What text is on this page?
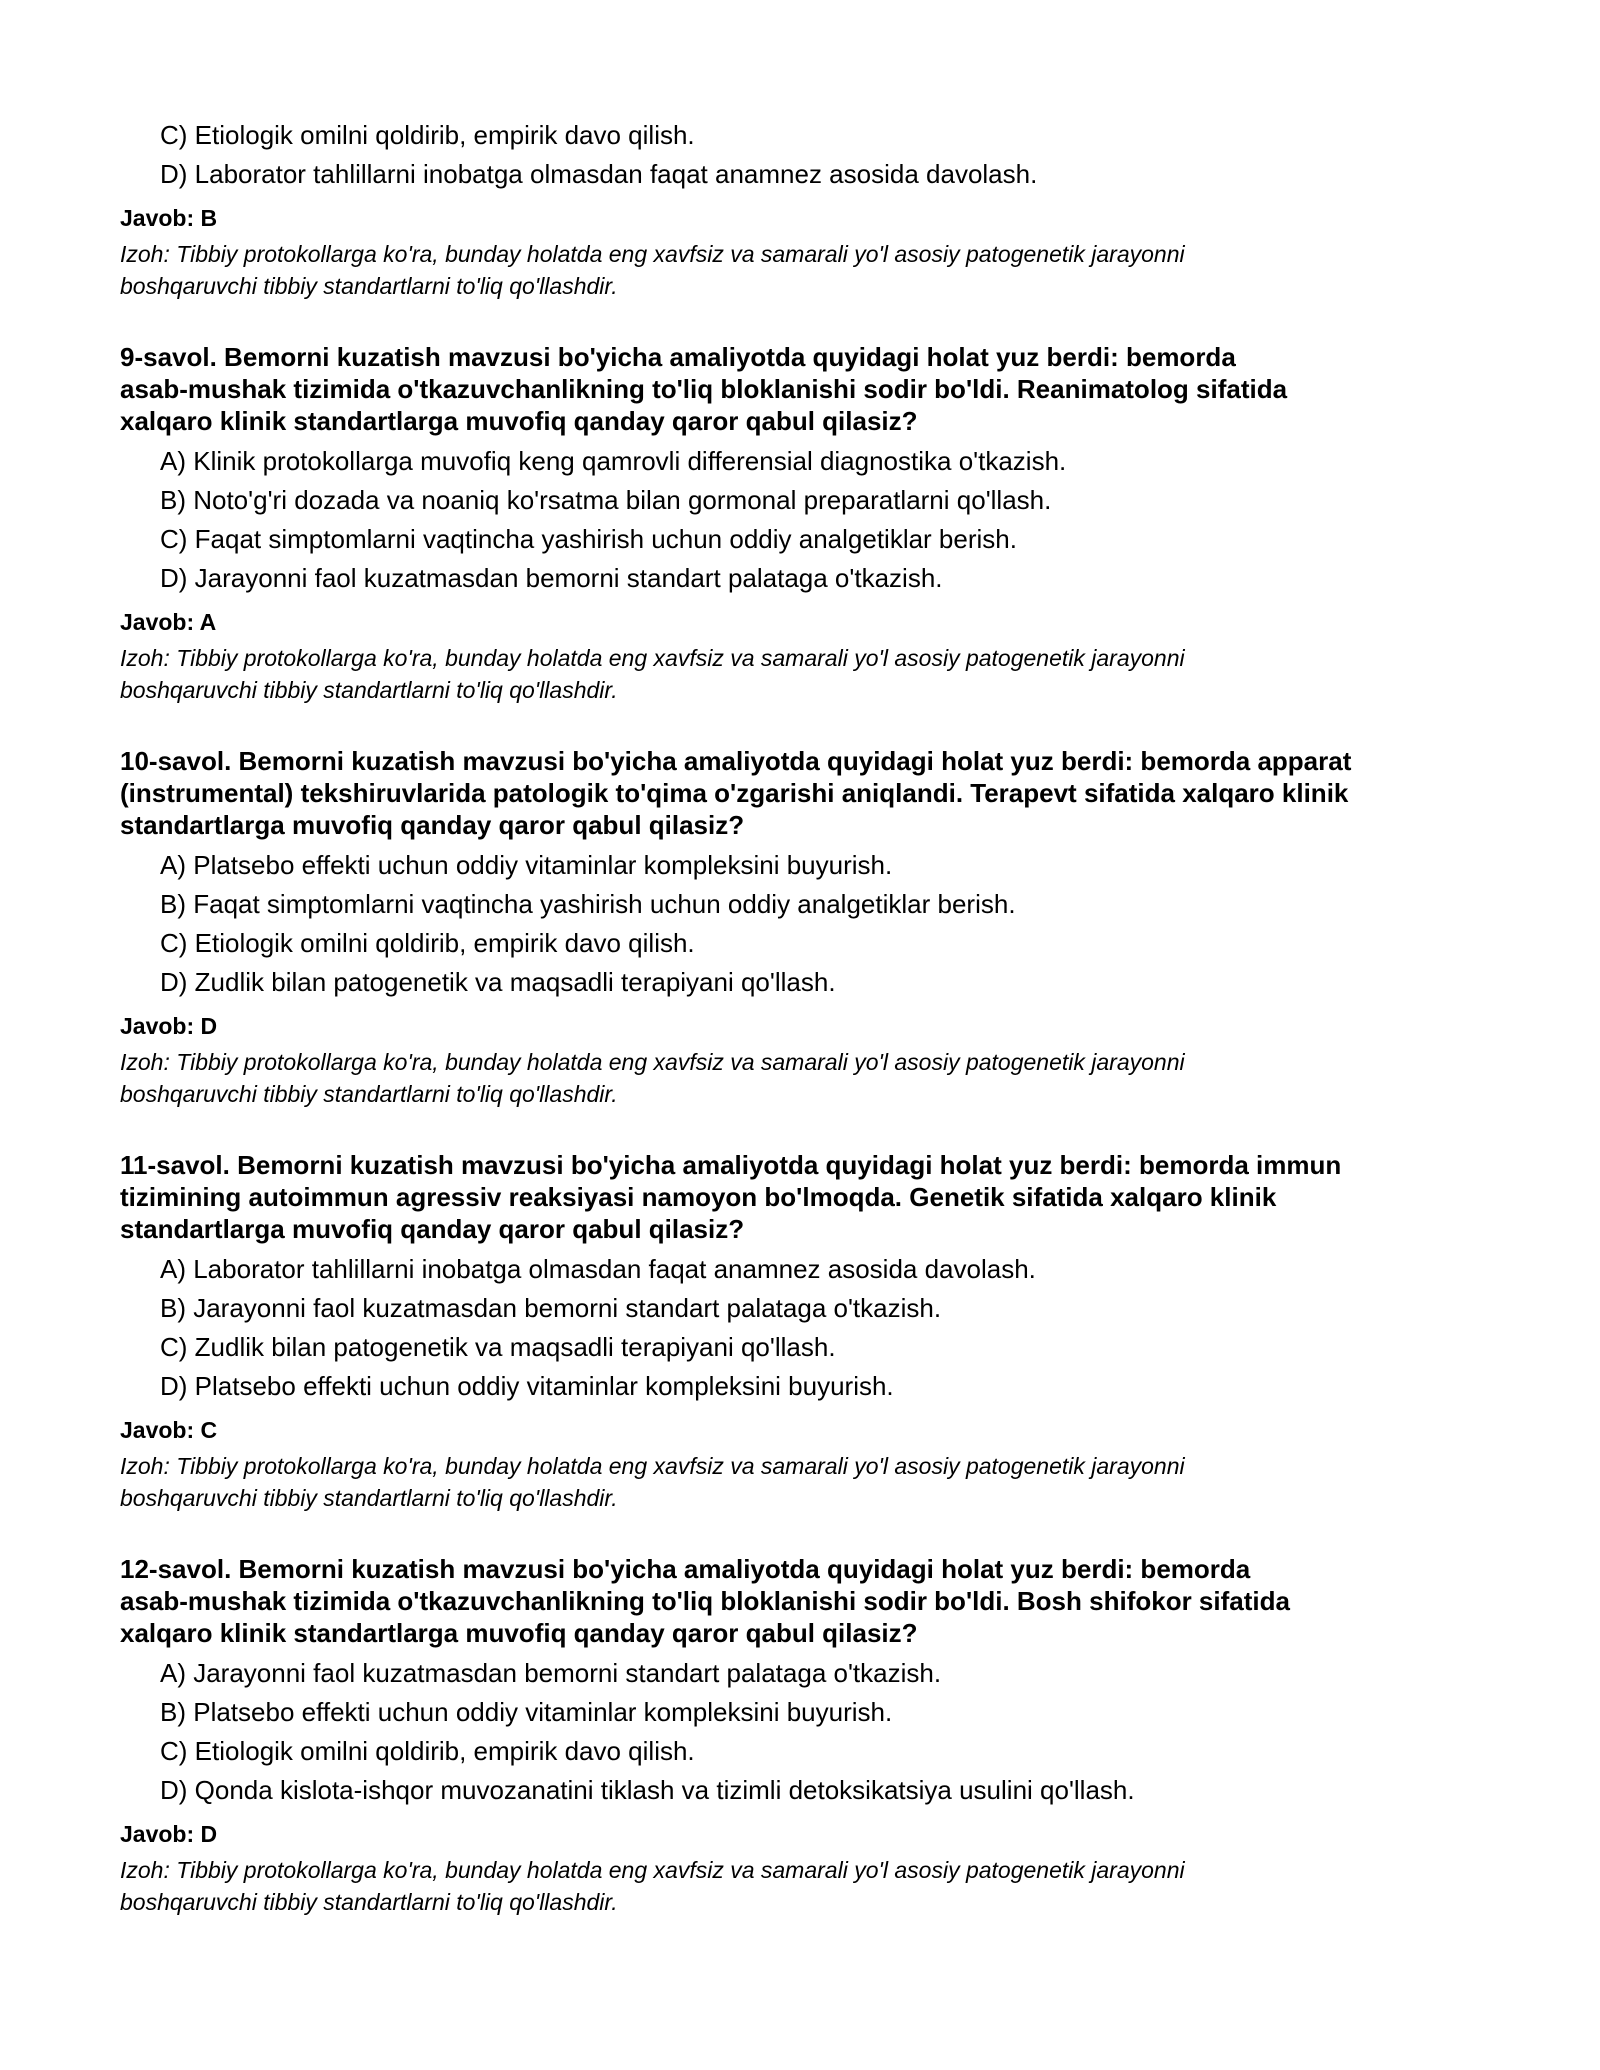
C) Etiologik omilni qoldirib, empirik davo qilish.
D) Laborator tahlillarni inobatga olmasdan faqat anamnez asosida davolash.
Javob: B

Izoh: Tibbiy protokollarga ko'ra, bunday holatda eng xavfsiz va samarali yo'l asosiy patogenetik jarayonni
boshqaruvchi tibbiy standartlarni to'liq qo'llashdir.

9-savol. Bemorni kuzatish mavzusi bo'yicha amaliyotda quyidagi holat yuz berdi: bemorda
asab-mushak tizimida o'tkazuvchanlikning to'liq bloklanishi sodir bo'ldi. Reanimatolog sifatida
xalqaro klinik standartlarga muvofiq qanday qaror qabul qilasiz?
A) Klinik protokollarga muvofiq keng qamrovli differensial diagnostika o'tkazish.
B) Noto'g'ri dozada va noaniq ko'rsatma bilan gormonal preparatlarni qo'llash.
C) Faqat simptomlarni vaqtincha yashirish uchun oddiy analgetiklar berish.
D) Jarayonni faol kuzatmasdan bemorni standart palataga o'tkazish.
Javob: A

Izoh: Tibbiy protokollarga ko'ra, bunday holatda eng xavfsiz va samarali yo'l asosiy patogenetik jarayonni
boshqaruvchi tibbiy standartlarni to'liq qo'llashdir.

10-savol. Bemorni kuzatish mavzusi bo'yicha amaliyotda quyidagi holat yuz berdi: bemorda apparat
(instrumental) tekshiruvlarida patologik to'qima o'zgarishi aniqlandi. Terapevt sifatida xalqaro klinik
standartlarga muvofiq qanday qaror qabul qilasiz?
A) Platsebo effekti uchun oddiy vitaminlar kompleksini buyurish.
B) Faqat simptomlarni vaqtincha yashirish uchun oddiy analgetiklar berish.
C) Etiologik omilni qoldirib, empirik davo qilish.
D) Zudlik bilan patogenetik va maqsadli terapiyani qo'llash.
Javob: D

Izoh: Tibbiy protokollarga ko'ra, bunday holatda eng xavfsiz va samarali yo'l asosiy patogenetik jarayonni
boshqaruvchi tibbiy standartlarni to'liq qo'llashdir.

11-savol. Bemorni kuzatish mavzusi bo'yicha amaliyotda quyidagi holat yuz berdi: bemorda immun
tizimining autoimmun agressiv reaksiyasi namoyon bo'lmoqda. Genetik sifatida xalqaro klinik
standartlarga muvofiq qanday qaror qabul qilasiz?
A) Laborator tahlillarni inobatga olmasdan faqat anamnez asosida davolash.
B) Jarayonni faol kuzatmasdan bemorni standart palataga o'tkazish.
C) Zudlik bilan patogenetik va maqsadli terapiyani qo'llash.
D) Platsebo effekti uchun oddiy vitaminlar kompleksini buyurish.
Javob: C

Izoh: Tibbiy protokollarga ko'ra, bunday holatda eng xavfsiz va samarali yo'l asosiy patogenetik jarayonni
boshqaruvchi tibbiy standartlarni to'liq qo'llashdir.

12-savol. Bemorni kuzatish mavzusi bo'yicha amaliyotda quyidagi holat yuz berdi: bemorda
asab-mushak tizimida o'tkazuvchanlikning to'liq bloklanishi sodir bo'ldi. Bosh shifokor sifatida
xalqaro klinik standartlarga muvofiq qanday qaror qabul qilasiz?
A) Jarayonni faol kuzatmasdan bemorni standart palataga o'tkazish.
B) Platsebo effekti uchun oddiy vitaminlar kompleksini buyurish.
C) Etiologik omilni qoldirib, empirik davo qilish.
D) Qonda kislota-ishqor muvozanatini tiklash va tizimli detoksikatsiya usulini qo'llash.
Javob: D

Izoh: Tibbiy protokollarga ko'ra, bunday holatda eng xavfsiz va samarali yo'l asosiy patogenetik jarayonni
boshqaruvchi tibbiy standartlarni to'liq qo'llashdir.
